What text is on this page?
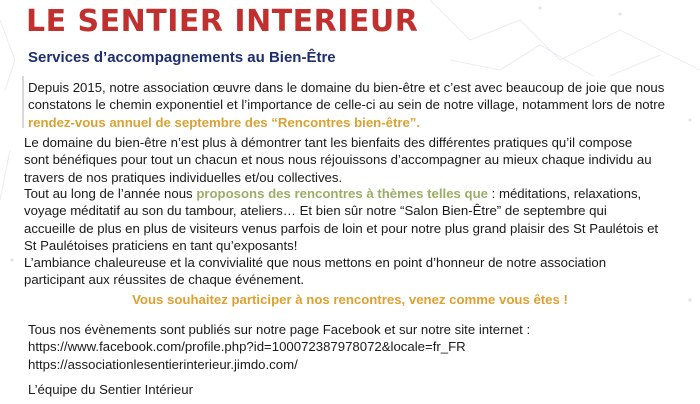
LE SENTIER INTERIEUR
Services d’accompagnements au Bien-Être
Depuis 2015, notre association œuvre dans le domaine du bien-être et c’est avec beaucoup de joie que nous
constatons le chemin exponentiel et l’importance de celle-ci au sein de notre village, notamment lors de notre
rendez-vous annuel de septembre des “Rencontres bien-être”.
Le domaine du bien-être n’est plus à démontrer tant les bienfaits des différentes pratiques qu’il compose
sont bénéfiques pour tout un chacun et nous nous réjouissons d’accompagner au mieux chaque individu au
travers de nos pratiques individuelles et/ou collectives.
Tout au long de l’année nous proposons des rencontres à thèmes telles que : méditations, relaxations,
voyage méditatif au son du tambour, ateliers… Et bien sûr notre “Salon Bien-Être” de septembre qui
accueille de plus en plus de visiteurs venus parfois de loin et pour notre plus grand plaisir des St Paulétois et
St Paulétoises praticiens en tant qu’exposants!
L’ambiance chaleureuse et la convivialité que nous mettons en point d’honneur de notre association
participant aux réussites de chaque événement.
Vous souhaitez participer à nos rencontres, venez comme vous êtes !
Tous nos évènements sont publiés sur notre page Facebook et sur notre site internet :
https://www.facebook.com/profile.php?id=100072387978072&locale=fr_FR
https://associationlesentierinterieur.jimdo.com/
L’équipe du Sentier Intérieur
